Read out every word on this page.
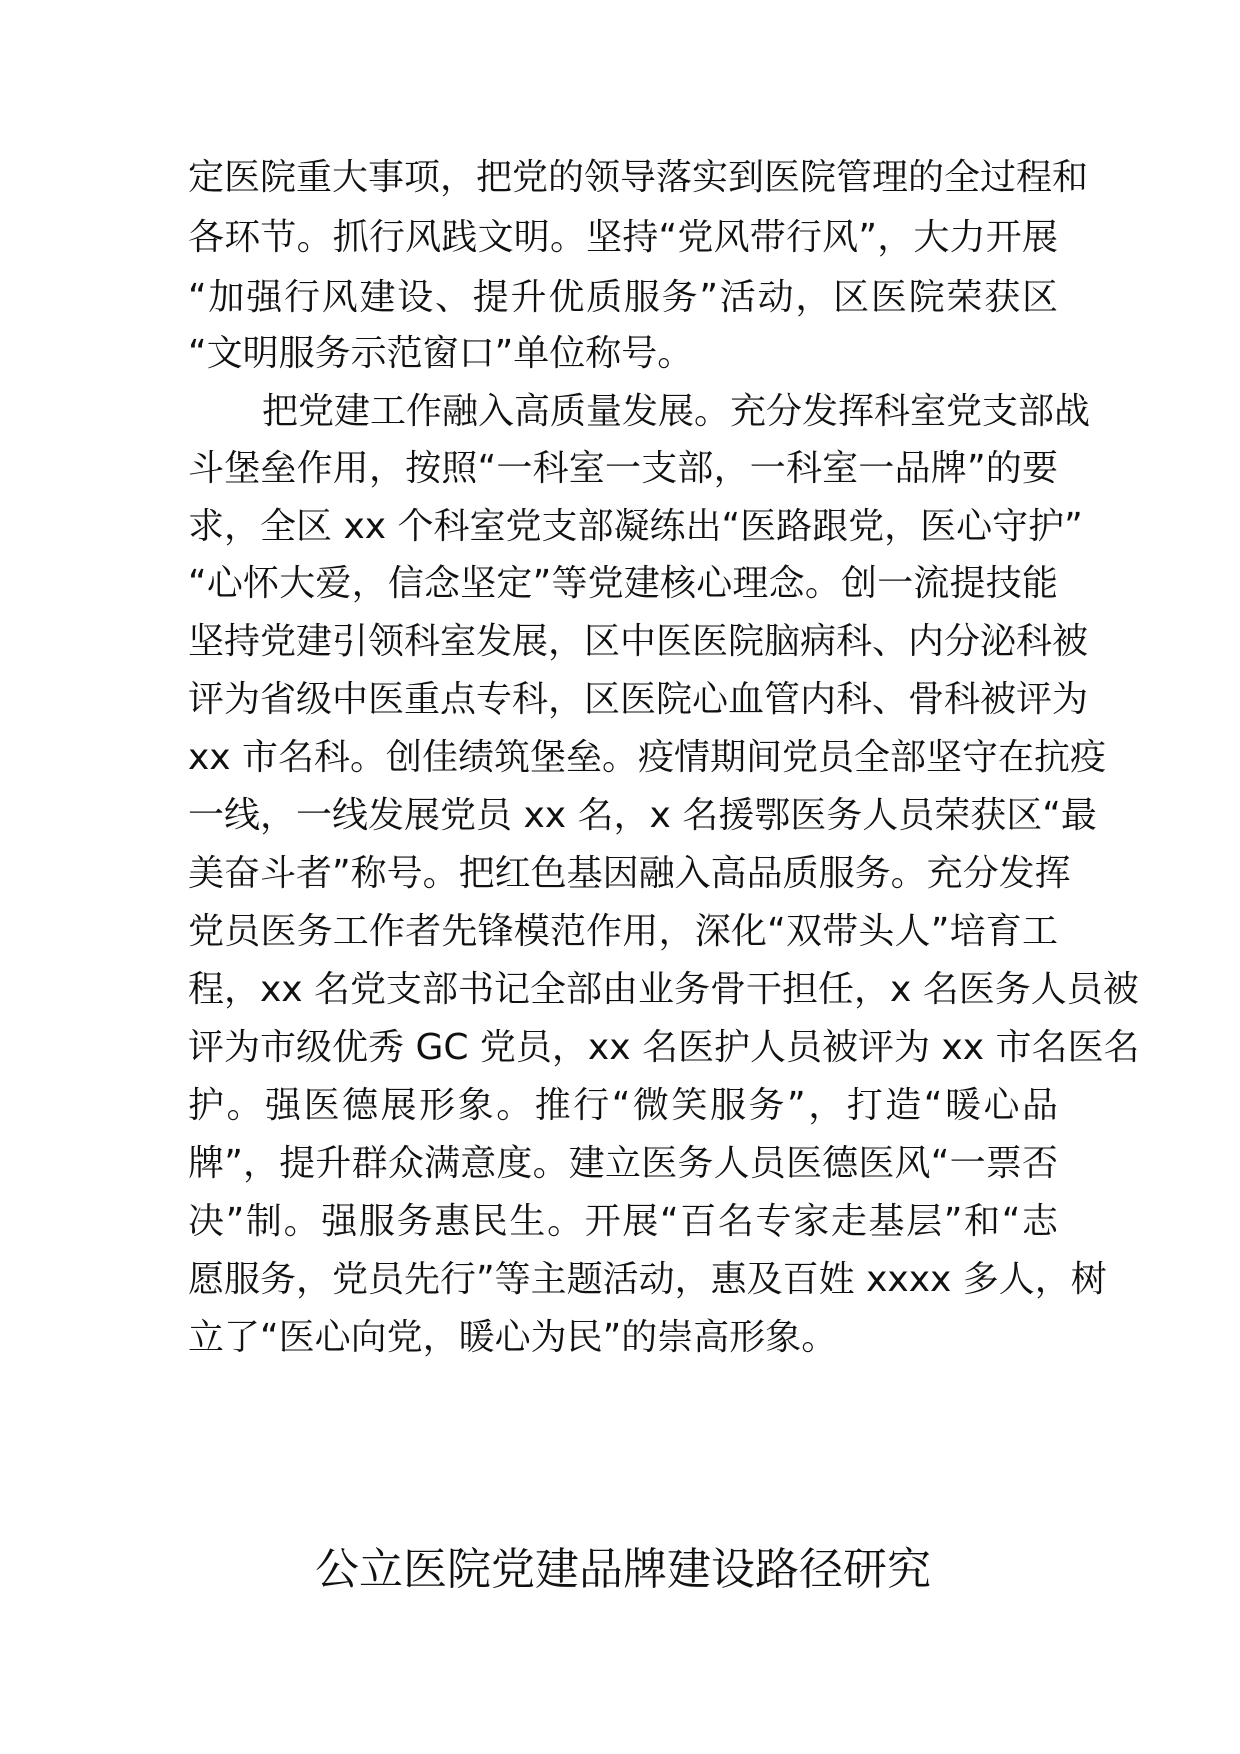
定医院重大事项，把党的领导落实到医院管理的全过程和
各环节。抓行风践文明。坚持“党风带行风”，大力开展
“加强行风建设、提升优质服务”活动，区医院荣获区
“文明服务示范窗口”单位称号。
把党建工作融入高质量发展。充分发挥科室党支部战
斗堡垒作用，按照“一科室一支部，一科室一品牌”的要
求，全区 xx 个科室党支部凝练出“医路跟党，医心守护”
“心怀大爱，信念坚定”等党建核心理念。创一流提技能
坚持党建引领科室发展，区中医医院脑病科、内分泌科被
评为省级中医重点专科，区医院心血管内科、骨科被评为
xx 市名科。创佳绩筑堡垒。疫情期间党员全部坚守在抗疫
一线，一线发展党员 xx 名，x 名援鄂医务人员荣获区“最
美奋斗者”称号。把红色基因融入高品质服务。充分发挥
党员医务工作者先锋模范作用，深化“双带头人”培育工
程，xx 名党支部书记全部由业务骨干担任，x 名医务人员被
评为市级优秀 GC 党员，xx 名医护人员被评为 xx 市名医名
护。强医德展形象。推行“微笑服务”，打造“暖心品
牌”，提升群众满意度。建立医务人员医德医风“一票否
决”制。强服务惠民生。开展“百名专家走基层”和“志
愿服务，党员先行”等主题活动，惠及百姓 xxxx 多人，树
立了“医心向党，暖心为民”的崇高形象。
公立医院党建品牌建设路径研究
